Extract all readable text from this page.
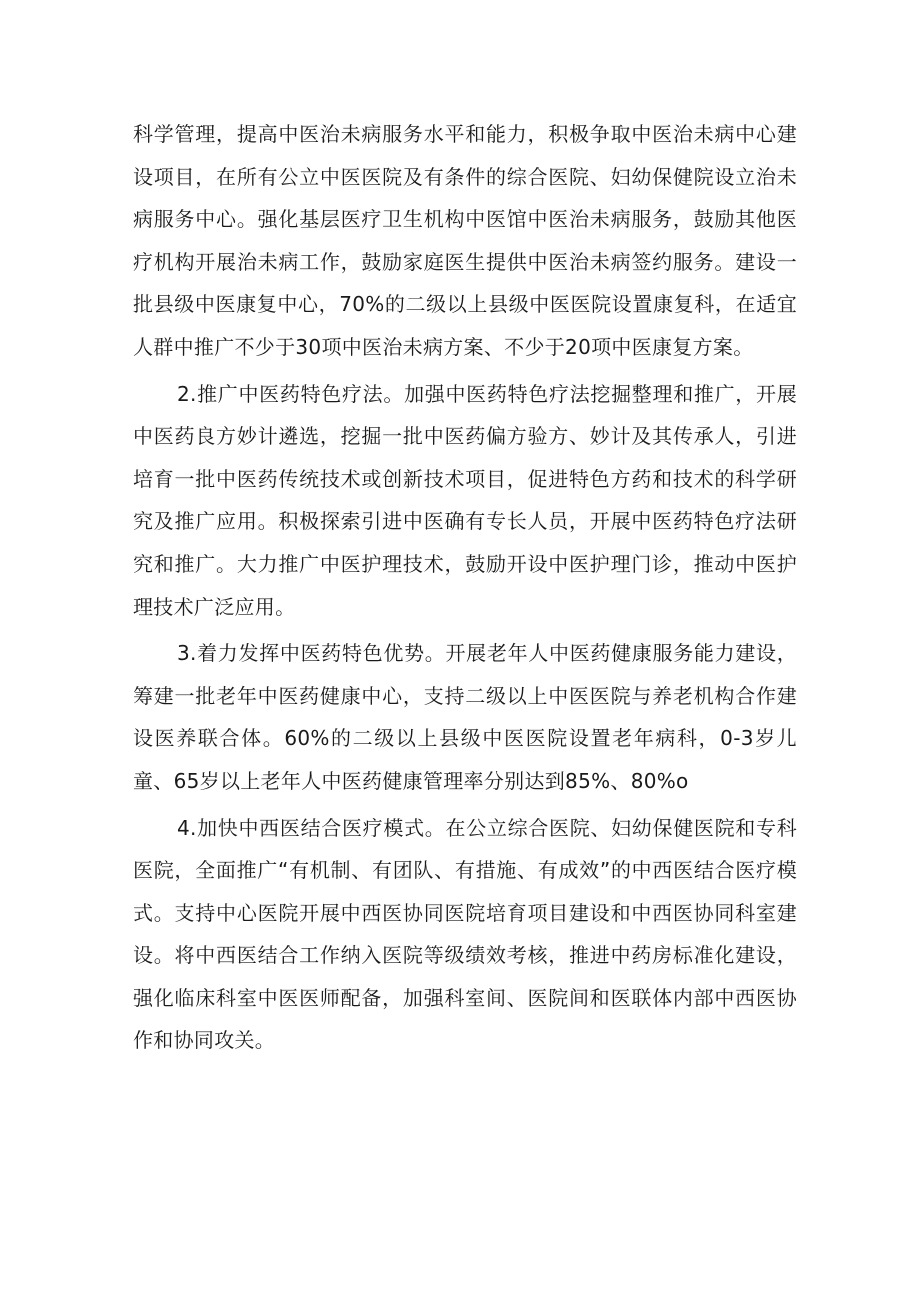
科学管理，提高中医治未病服务水平和能力，积极争取中医治未病中心建设项目，在所有公立中医医院及有条件的综合医院、妇幼保健院设立治未病服务中心。强化基层医疗卫生机构中医馆中医治未病服务，鼓励其他医疗机构开展治未病工作，鼓励家庭医生提供中医治未病签约服务。建设一批县级中医康复中心，70%的二级以上县级中医医院设置康复科，在适宜人群中推广不少于30项中医治未病方案、不少于20项中医康复方案。

2.推广中医药特色疗法。加强中医药特色疗法挖掘整理和推广，开展中医药良方妙计遴选，挖掘一批中医药偏方验方、妙计及其传承人，引进培育一批中医药传统技术或创新技术项目，促进特色方药和技术的科学研究及推广应用。积极探索引进中医确有专长人员，开展中医药特色疗法研究和推广。大力推广中医护理技术，鼓励开设中医护理门诊，推动中医护理技术广泛应用。

3.着力发挥中医药特色优势。开展老年人中医药健康服务能力建设，筹建一批老年中医药健康中心，支持二级以上中医医院与养老机构合作建设医养联合体。60%的二级以上县级中医医院设置老年病科，0-3岁儿童、65岁以上老年人中医药健康管理率分别达到85%、80%o

4.加快中西医结合医疗模式。在公立综合医院、妇幼保健医院和专科医院，全面推广“有机制、有团队、有措施、有成效”的中西医结合医疗模式。支持中心医院开展中西医协同医院培育项目建设和中西医协同科室建设。将中西医结合工作纳入医院等级绩效考核，推进中药房标准化建设，强化临床科室中医医师配备，加强科室间、医院间和医联体内部中西医协作和协同攻关。
